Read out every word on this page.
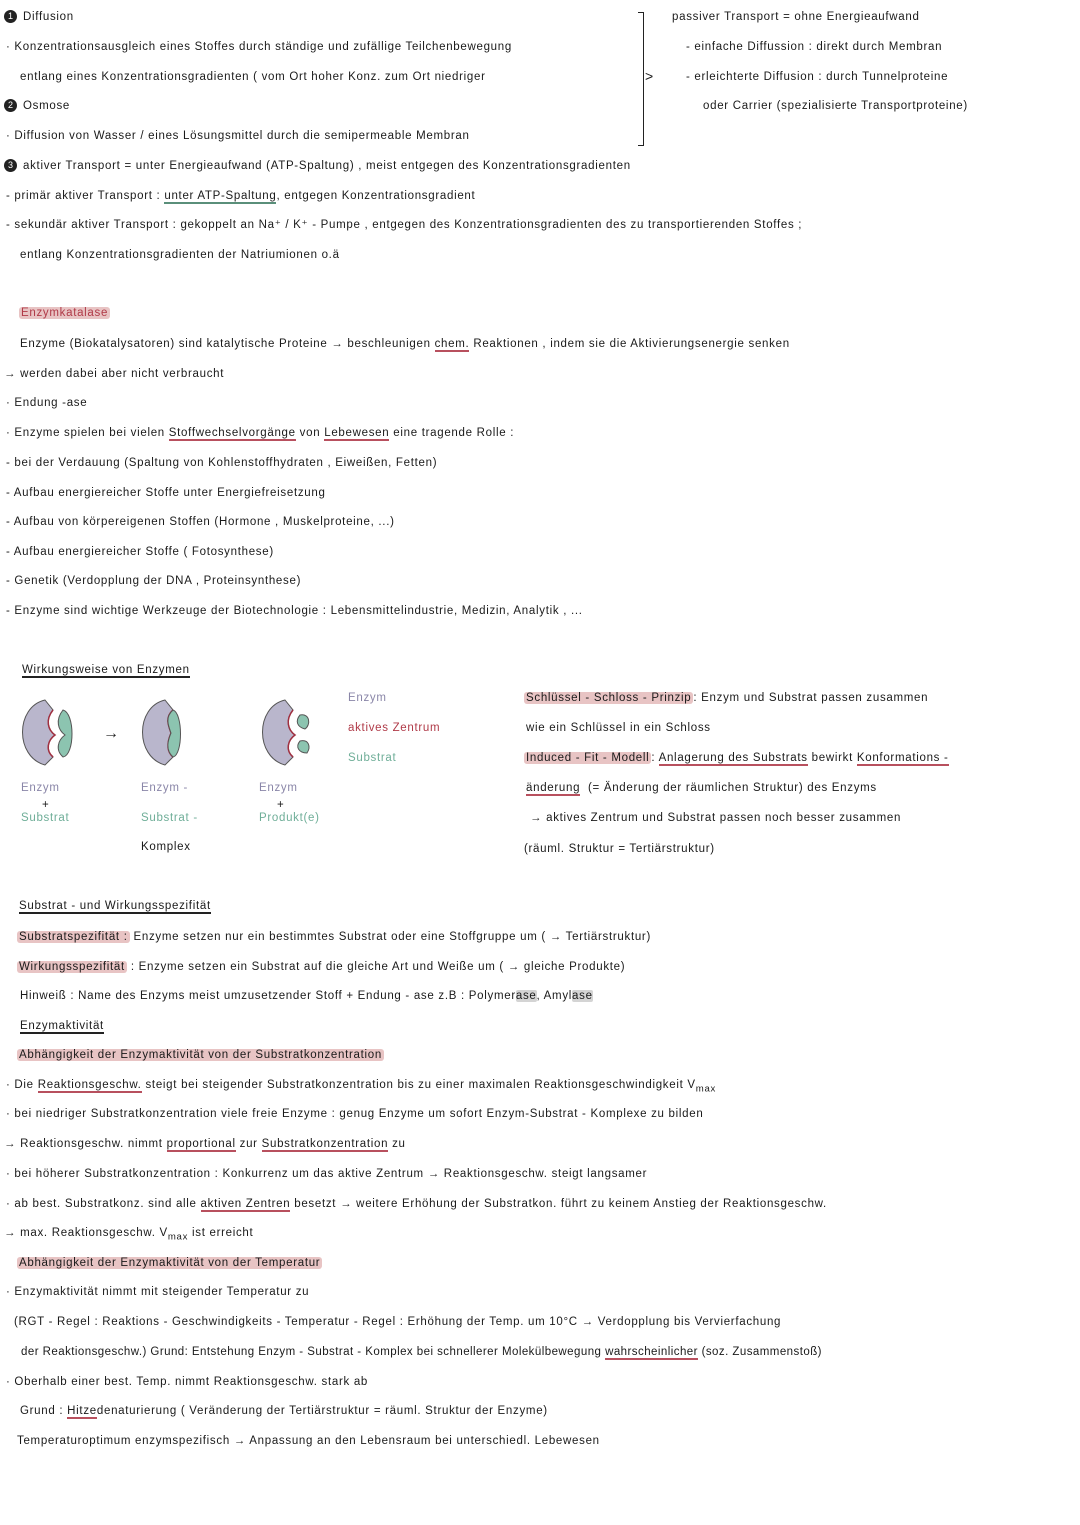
1 Diffusion
· Konzentrationsausgleich eines Stoffes durch ständige und zufällige Teilchenbewegung
entlang eines Konzentrationsgradienten ( vom Ort hoher Konz. zum Ort niedriger
2 Osmose
· Diffusion von Wasser / eines Lösungsmittel durch die semipermeable Membran
>
passiver Transport = ohne Energieaufwand
- einfache Diffussion : direkt durch Membran
- erleichterte Diffusion : durch Tunnelproteine
oder Carrier (spezialisierte Transportproteine)
3 aktiver Transport = unter Energieaufwand (ATP-Spaltung) , meist entgegen des Konzentrationsgradienten
- primär aktiver Transport : unter ATP-Spaltung, entgegen Konzentrationsgradient
- sekundär aktiver Transport : gekoppelt an Na⁺ / K⁺ - Pumpe , entgegen des Konzentrationsgradienten des zu transportierenden Stoffes ;
entlang Konzentrationsgradienten der Natriumionen o.ä
Enzymkatalase
Enzyme (Biokatalysatoren) sind katalytische Proteine → beschleunigen chem. Reaktionen , indem sie die Aktivierungsenergie senken
→ werden dabei aber nicht verbraucht
· Endung -ase
· Enzyme spielen bei vielen Stoffwechselvorgänge von Lebewesen eine tragende Rolle :
- bei der Verdauung (Spaltung von Kohlenstoffhydraten , Eiweißen, Fetten)
- Aufbau energiereicher Stoffe unter Energiefreisetzung
- Aufbau von körpereigenen Stoffen (Hormone , Muskelproteine, ...)
- Aufbau energiereicher Stoffe ( Fotosynthese)
- Genetik (Verdopplung der DNA , Proteinsynthese)
- Enzyme sind wichtige Werkzeuge der Biotechnologie : Lebensmittelindustrie, Medizin, Analytik , ...
Wirkungsweise von Enzymen
→
Enzym
aktives Zentrum
Substrat
Enzym
+
Substrat
Enzym -
Substrat -
Komplex
Enzym
+
Produkt(e)
Schlüssel - Schloss - Prinzip : Enzym und Substrat passen zusammen
wie ein Schlüssel in ein Schloss
Induced - Fit - Modell : Anlagerung des Substrats bewirkt Konformations -
änderung (= Änderung der räumlichen Struktur) des Enzyms
→ aktives Zentrum und Substrat passen noch besser zusammen
(räuml. Struktur = Tertiärstruktur)
Substrat - und Wirkungsspezifität
Substratspezifität : Enzyme setzen nur ein bestimmtes Substrat oder eine Stoffgruppe um ( → Tertiärstruktur)
Wirkungsspezifität : Enzyme setzen ein Substrat auf die gleiche Art und Weiße um ( → gleiche Produkte)
Hinweiß : Name des Enzyms meist umzusetzender Stoff + Endung - ase z.B : Polymerase, Amylase
Enzymaktivität
Abhängigkeit der Enzymaktivität von der Substratkonzentration
· Die Reaktionsgeschw. steigt bei steigender Substratkonzentration bis zu einer maximalen Reaktionsgeschwindigkeit $V_{max}$
· bei niedriger Substratkonzentration viele freie Enzyme : genug Enzyme um sofort Enzym-Substrat - Komplexe zu bilden
→ Reaktionsgeschw. nimmt proportional zur Substratkonzentration zu
· bei höherer Substratkonzentration : Konkurrenz um das aktive Zentrum → Reaktionsgeschw. steigt langsamer
· ab best. Substratkonz. sind alle aktiven Zentren besetzt → weitere Erhöhung der Substratkon. führt zu keinem Anstieg der Reaktionsgeschw.
→ max. Reaktionsgeschw. $V_{max}$ ist erreicht
Abhängigkeit der Enzymaktivität von der Temperatur
· Enzymaktivität nimmt mit steigender Temperatur zu
(RGT - Regel : Reaktions - Geschwindigkeits - Temperatur - Regel : Erhöhung der Temp. um 10°C → Verdopplung bis Vervierfachung
der Reaktionsgeschw.) Grund: Entstehung Enzym - Substrat - Komplex bei schnellerer Molekülbewegung wahrscheinlicher (soz. Zusammenstoß)
· Oberhalb einer best. Temp. nimmt Reaktionsgeschw. stark ab
Grund : Hitzedenaturierung ( Veränderung der Tertiärstruktur = räuml. Struktur der Enzyme)
Temperaturoptimum enzymspezifisch → Anpassung an den Lebensraum bei unterschiedl. Lebewesen
